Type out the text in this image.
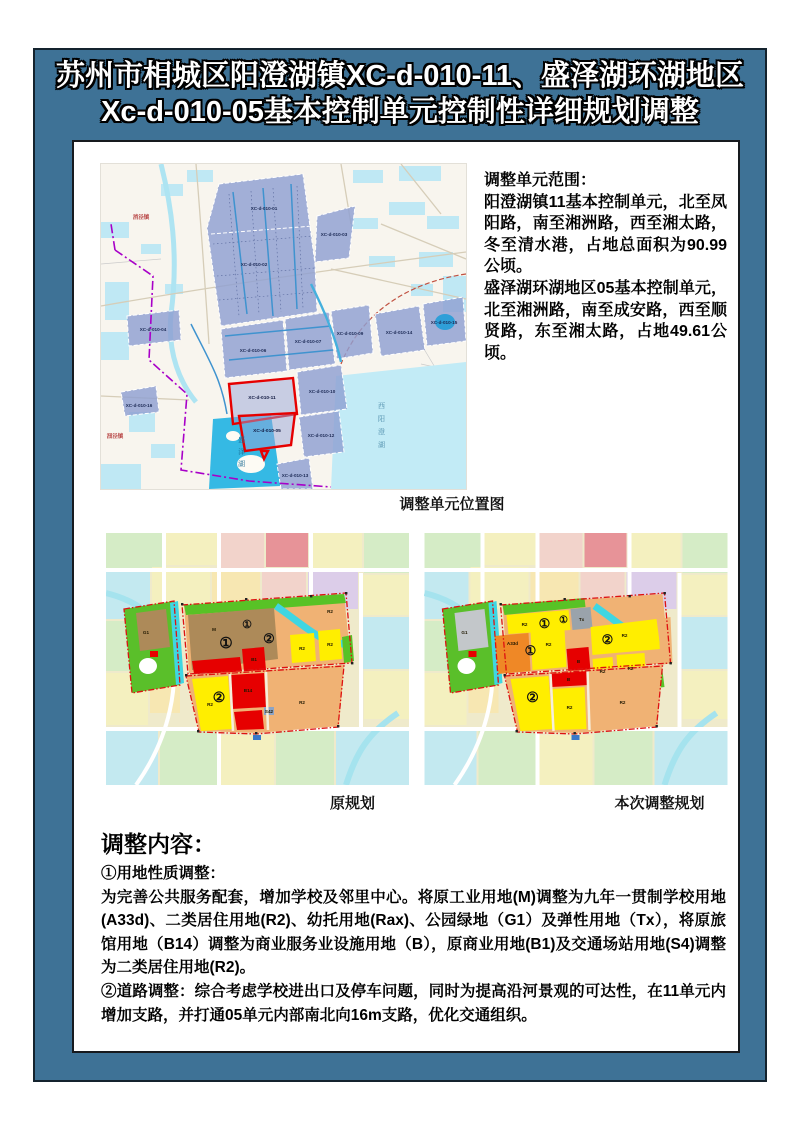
苏州市相城区阳澄湖镇XC-d-010-11、盛泽湖环湖地区
Xc-d-010-05基本控制单元控制性详细规划调整
XC-d-010-01
XC-d-010-02
XC-d-010-03
XC-d-010-04
XC-d-010-06
XC-d-010-07
XC-d-010-09
XC-d-010-10
XC-d-010-12
XC-d-010-13
XC-d-010-14
XC-d-010-15
XC-d-010-16
XC-d-010-11
XC-d-010-05
消泾镇
沺泾镇	盛泽湖	西阳澄湖
调整单元位置图

调整单元范围：

阳澄湖镇11基本控制单元，北至凤阳路，南至湘洲路，西至湘太路，冬至清水港，占地总面积为90.99公顷。

盛泽湖环湖地区05基本控制单元，北至湘洲路，南至成安路，西至顺贤路，东至湘太路，占地49.61公顷。

M
B1
R2
R2
R2
R2
B14
R2
S42
G1
①
①
②
②
R2
Tx
A33d	R2
B
R2
R2
R2
B
R2
R2
G1
① ①
①
②
②
原规划	本次调整规划

调整内容：

①用地性质调整：

为完善公共服务配套，增加学校及邻里中心。将原工业用地(M)调整为九年一贯制学校用地(A33d)、二类居住用地(R2)、幼托用地(Rax)、公园绿地（G1）及弹性用地（Tx），将原旅馆用地（B14）调整为商业服务业设施用地（B），原商业用地(B1)及交通场站用地(S4)调整为二类居住用地(R2)。

②道路调整：综合考虑学校进出口及停车问题，同时为提高沿河景观的可达性，在11单元内增加支路，并打通05单元内部南北向16m支路，优化交通组织。
